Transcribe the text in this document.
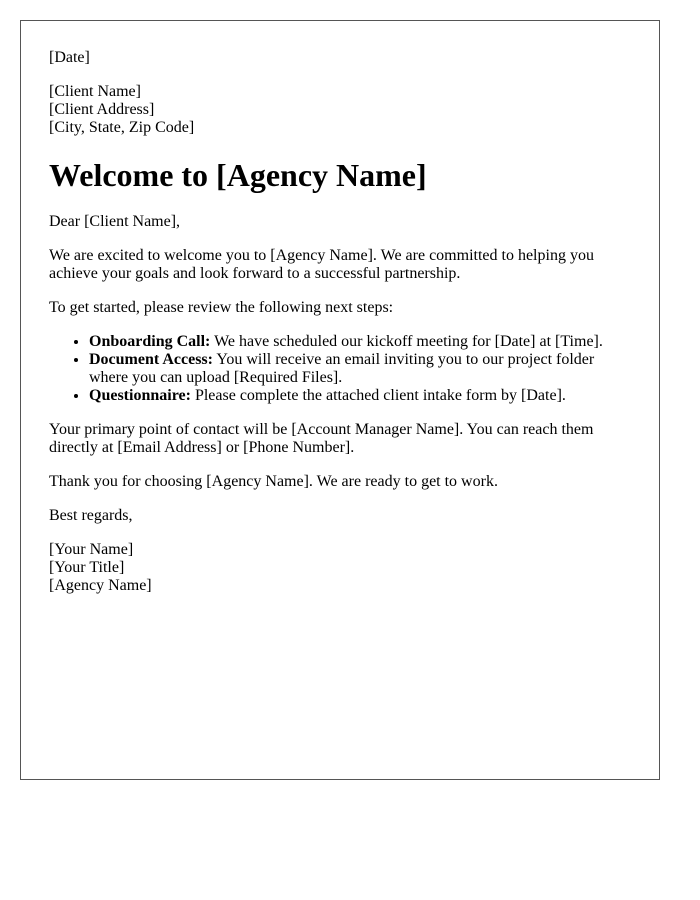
[Date]
[Client Name]
[Client Address]
[City, State, Zip Code]
Welcome to [Agency Name]

Dear [Client Name],

We are excited to welcome you to [Agency Name]. We are committed to helping you achieve your goals and look forward to a successful partnership.

To get started, please review the following next steps:

• Onboarding Call: We have scheduled our kickoff meeting for [Date] at [Time].
• Document Access: You will receive an email inviting you to our project folder where you can upload [Required Files].
• Questionnaire: Please complete the attached client intake form by [Date].

Your primary point of contact will be [Account Manager Name]. You can reach them directly at [Email Address] or [Phone Number].

Thank you for choosing [Agency Name]. We are ready to get to work.

Best regards,

[Your Name]
[Your Title]
[Agency Name]
